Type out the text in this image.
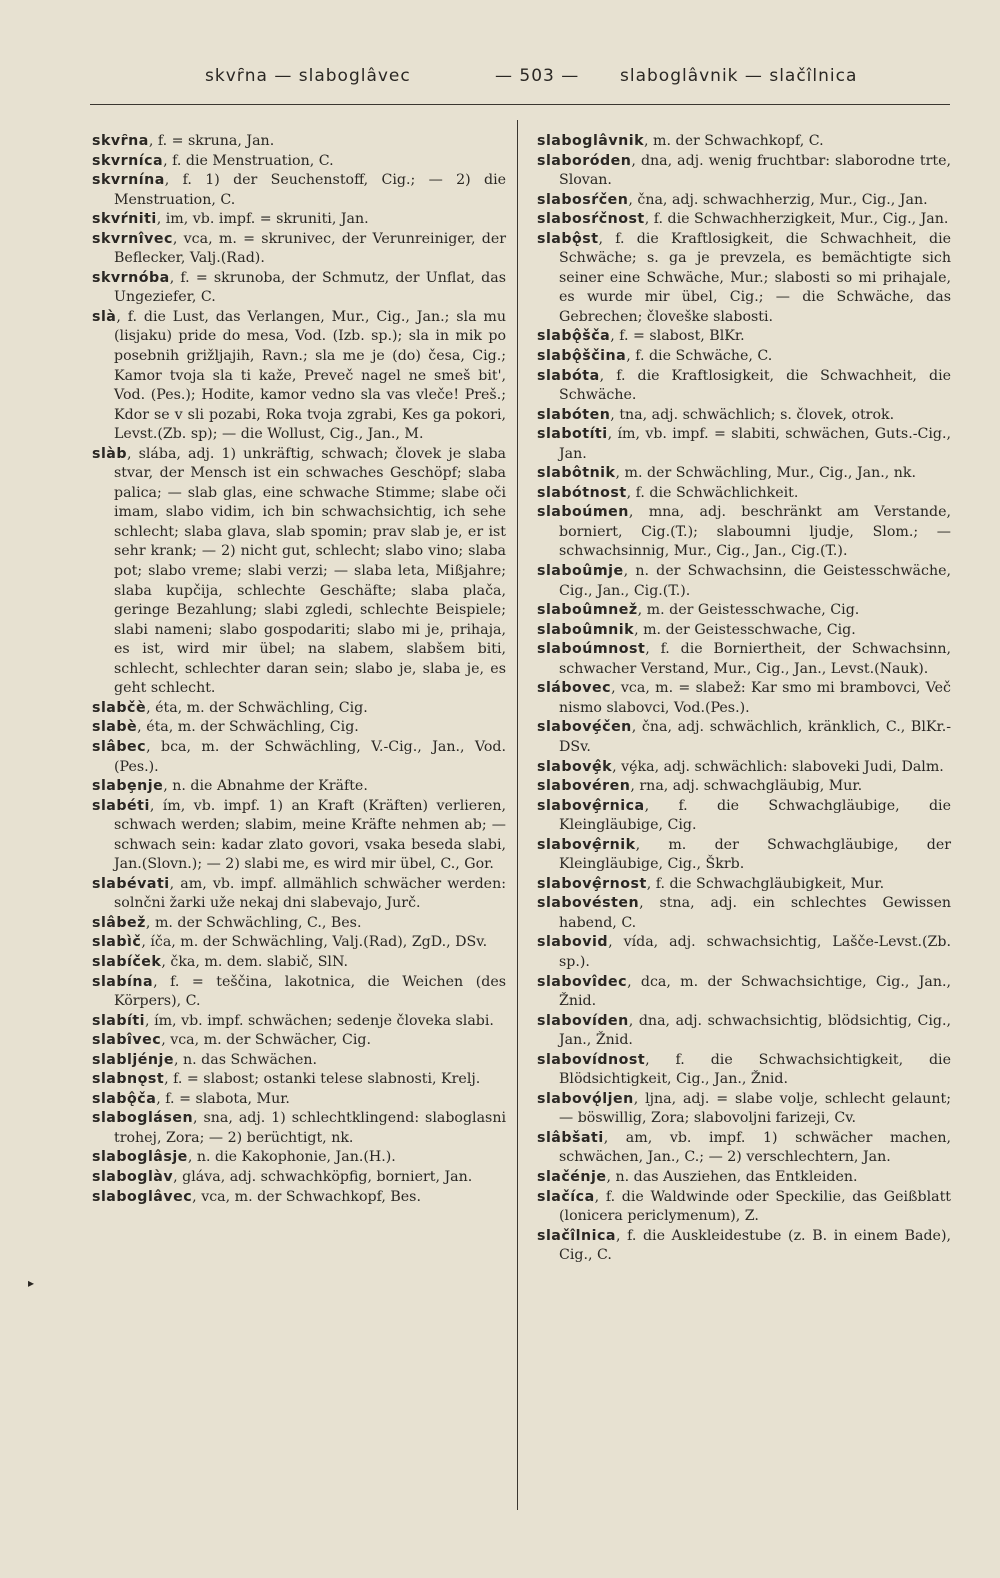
skvȓna — slaboglâvec	— 503 — slaboglâvnik — slačîlnica

skvȓna, f. = skruna, Jan.

skvrníca, f. die Menstruation, C.

skvrnína, f. 1) der Seuchenstoff, Cig.; — 2) die Menstruation, C.

skvŕniti, im, vb. impf. = skruniti, Jan.

skvrnîvec, vca, m. = skrunivec, der Verunreiniger, der Beflecker, Valj.(Rad).

skvrnóba, f. = skrunoba, der Schmutz, der Unflat, das Ungeziefer, C.

slà, f. die Lust, das Verlangen, Mur., Cig., Jan.; sla mu (lisjaku) pride do mesa, Vod. (Izb. sp.); sla in mik po posebnih grižljajih, Ravn.; sla me je (do) česa, Cig.; Kamor tvoja sla ti kaže, Preveč nagel ne smeš bit', Vod. (Pes.); Hodite, kamor vedno sla vas vleče! Preš.; Kdor se v sli pozabi, Roka tvoja zgrabi, Kes ga pokori, Levst.(Zb. sp); — die Wollust, Cig., Jan., M.

slàb, slába, adj. 1) unkräftig, schwach; človek je slaba stvar, der Mensch ist ein schwaches Geschöpf; slaba palica; — slab glas, eine schwache Stimme; slabe oči imam, slabo vidim, ich bin schwachsichtig, ich sehe schlecht; slaba glava, slab spomin; prav slab je, er ist sehr krank; — 2) nicht gut, schlecht; slabo vino; slaba pot; slabo vreme; slabi verzi; — slaba leta, Mißjahre; slaba kupčija, schlechte Geschäfte; slaba plača, geringe Bezahlung; slabi zgledi, schlechte Beispiele; slabi nameni; slabo gospodariti; slabo mi je, prihaja, es ist, wird mir übel; na slabem, slabšem biti, schlecht, schlechter daran sein; slabo je, slaba je, es geht schlecht.

slabčè, éta, m. der Schwächling, Cig.

slabè, éta, m. der Schwächling, Cig.

slâbec, bca, m. der Schwächling, V.-Cig., Jan., Vod.(Pes.).

slabȩnje, n. die Abnahme der Kräfte.

slabéti, ím, vb. impf. 1) an Kraft (Kräften) verlieren, schwach werden; slabim, meine Kräfte nehmen ab; — schwach sein: kadar zlato govori, vsaka beseda slabi, Jan.(Slovn.); — 2) slabi me, es wird mir übel, C., Gor.

slabévati, am, vb. impf. allmählich schwächer werden: solnčni žarki uže nekaj dni slabevajo, Jurč.

slâbež, m. der Schwächling, C., Bes.

slabìč, íča, m. der Schwächling, Valj.(Rad), ZgD., DSv.

slabíček, čka, m. dem. slabič, SlN.

slabína, f. = teščina, lakotnica, die Weichen (des Körpers), C.

slabíti, ím, vb. impf. schwächen; sedenje človeka slabi.

slabîvec, vca, m. der Schwächer, Cig.

slabljénje, n. das Schwächen.

slabnǫst, f. = slabost; ostanki telese slabnosti, Krelj.

slabǫ̂ča, f. = slabota, Mur.

slaboglásen, sna, adj. 1) schlechtklingend: slaboglasni trohej, Zora; — 2) berüchtigt, nk.

slaboglâsje, n. die Kakophonie, Jan.(H.).

slaboglàv, gláva, adj. schwachköpfig, borniert, Jan.

slaboglâvec, vca, m. der Schwachkopf, Bes.

slaboglâvnik, m. der Schwachkopf, C.

slaboróden, dna, adj. wenig fruchtbar: slaborodne trte, Slovan.

slabosŕčen, čna, adj. schwachherzig, Mur., Cig., Jan.

slabosŕčnost, f. die Schwachherzigkeit, Mur., Cig., Jan.

slabǫ̂st, f. die Kraftlosigkeit, die Schwachheit, die Schwäche; s. ga je prevzela, es bemächtigte sich seiner eine Schwäche, Mur.; slabosti so mi prihajale, es wurde mir übel, Cig.; — die Schwäche, das Gebrechen; človeške slabosti.

slabǫ̂šča, f. = slabost, BlKr.

slabǫ̂ščina, f. die Schwäche, C.

slabóta, f. die Kraftlosigkeit, die Schwachheit, die Schwäche.

slabóten, tna, adj. schwächlich; s. človek, otrok.

slabotíti, ím, vb. impf. = slabiti, schwächen, Guts.-Cig., Jan.

slabôtnik, m. der Schwächling, Mur., Cig., Jan., nk.

slabótnost, f. die Schwächlichkeit.

slaboúmen, mna, adj. beschränkt am Verstande, borniert, Cig.(T.); slaboumni ljudje, Slom.; — schwachsinnig, Mur., Cig., Jan., Cig.(T.).

slaboûmje, n. der Schwachsinn, die Geistesschwäche, Cig., Jan., Cig.(T.).

slaboûmnež, m. der Geistesschwache, Cig.

slaboûmnik, m. der Geistesschwache, Cig.

slaboúmnost, f. die Borniertheit, der Schwachsinn, schwacher Verstand, Mur., Cig., Jan., Levst.(Nauk).

slábovec, vca, m. = slabež: Kar smo mi brambovci, Več nismo slabovci, Vod.(Pes.).

slabovȩ́čen, čna, adj. schwächlich, kränklich, C., BlKr.-DSv.

slabovȩ̂k, vȩ́ka, adj. schwächlich: slaboveki Judi, Dalm.

slabovéren, rna, adj. schwachgläubig, Mur.

slabovȩ̂rnica, f. die Schwachgläubige, die Kleingläubige, Cig.

slabovȩ̂rnik, m. der Schwachgläubige, der Kleingläubige, Cig., Škrb.

slabovȩ̂rnost, f. die Schwachgläubigkeit, Mur.

slabovésten, stna, adj. ein schlechtes Gewissen habend, C.

slabovid, vída, adj. schwachsichtig, Lašče-Levst.(Zb. sp.).

slabovîdec, dca, m. der Schwachsichtige, Cig., Jan., Žnid.

slabovíden, dna, adj. schwachsichtig, blödsichtig, Cig., Jan., Žnid.

slabovídnost, f. die Schwachsichtigkeit, die Blödsichtigkeit, Cig., Jan., Žnid.

slabovǫ́ljen, ljna, adj. = slabe volje, schlecht gelaunt; — böswillig, Zora; slabovoljni farizeji, Cv.

slâbšati, am, vb. impf. 1) schwächer machen, schwächen, Jan., C.; — 2) verschlechtern, Jan.

slačénje, n. das Ausziehen, das Entkleiden.

slačíca, f. die Waldwinde oder Speckilie, das Geißblatt (lonicera periclymenum), Z.

slačîlnica, f. die Auskleidestube (z. B. in einem Bade), Cig., C.

▸
